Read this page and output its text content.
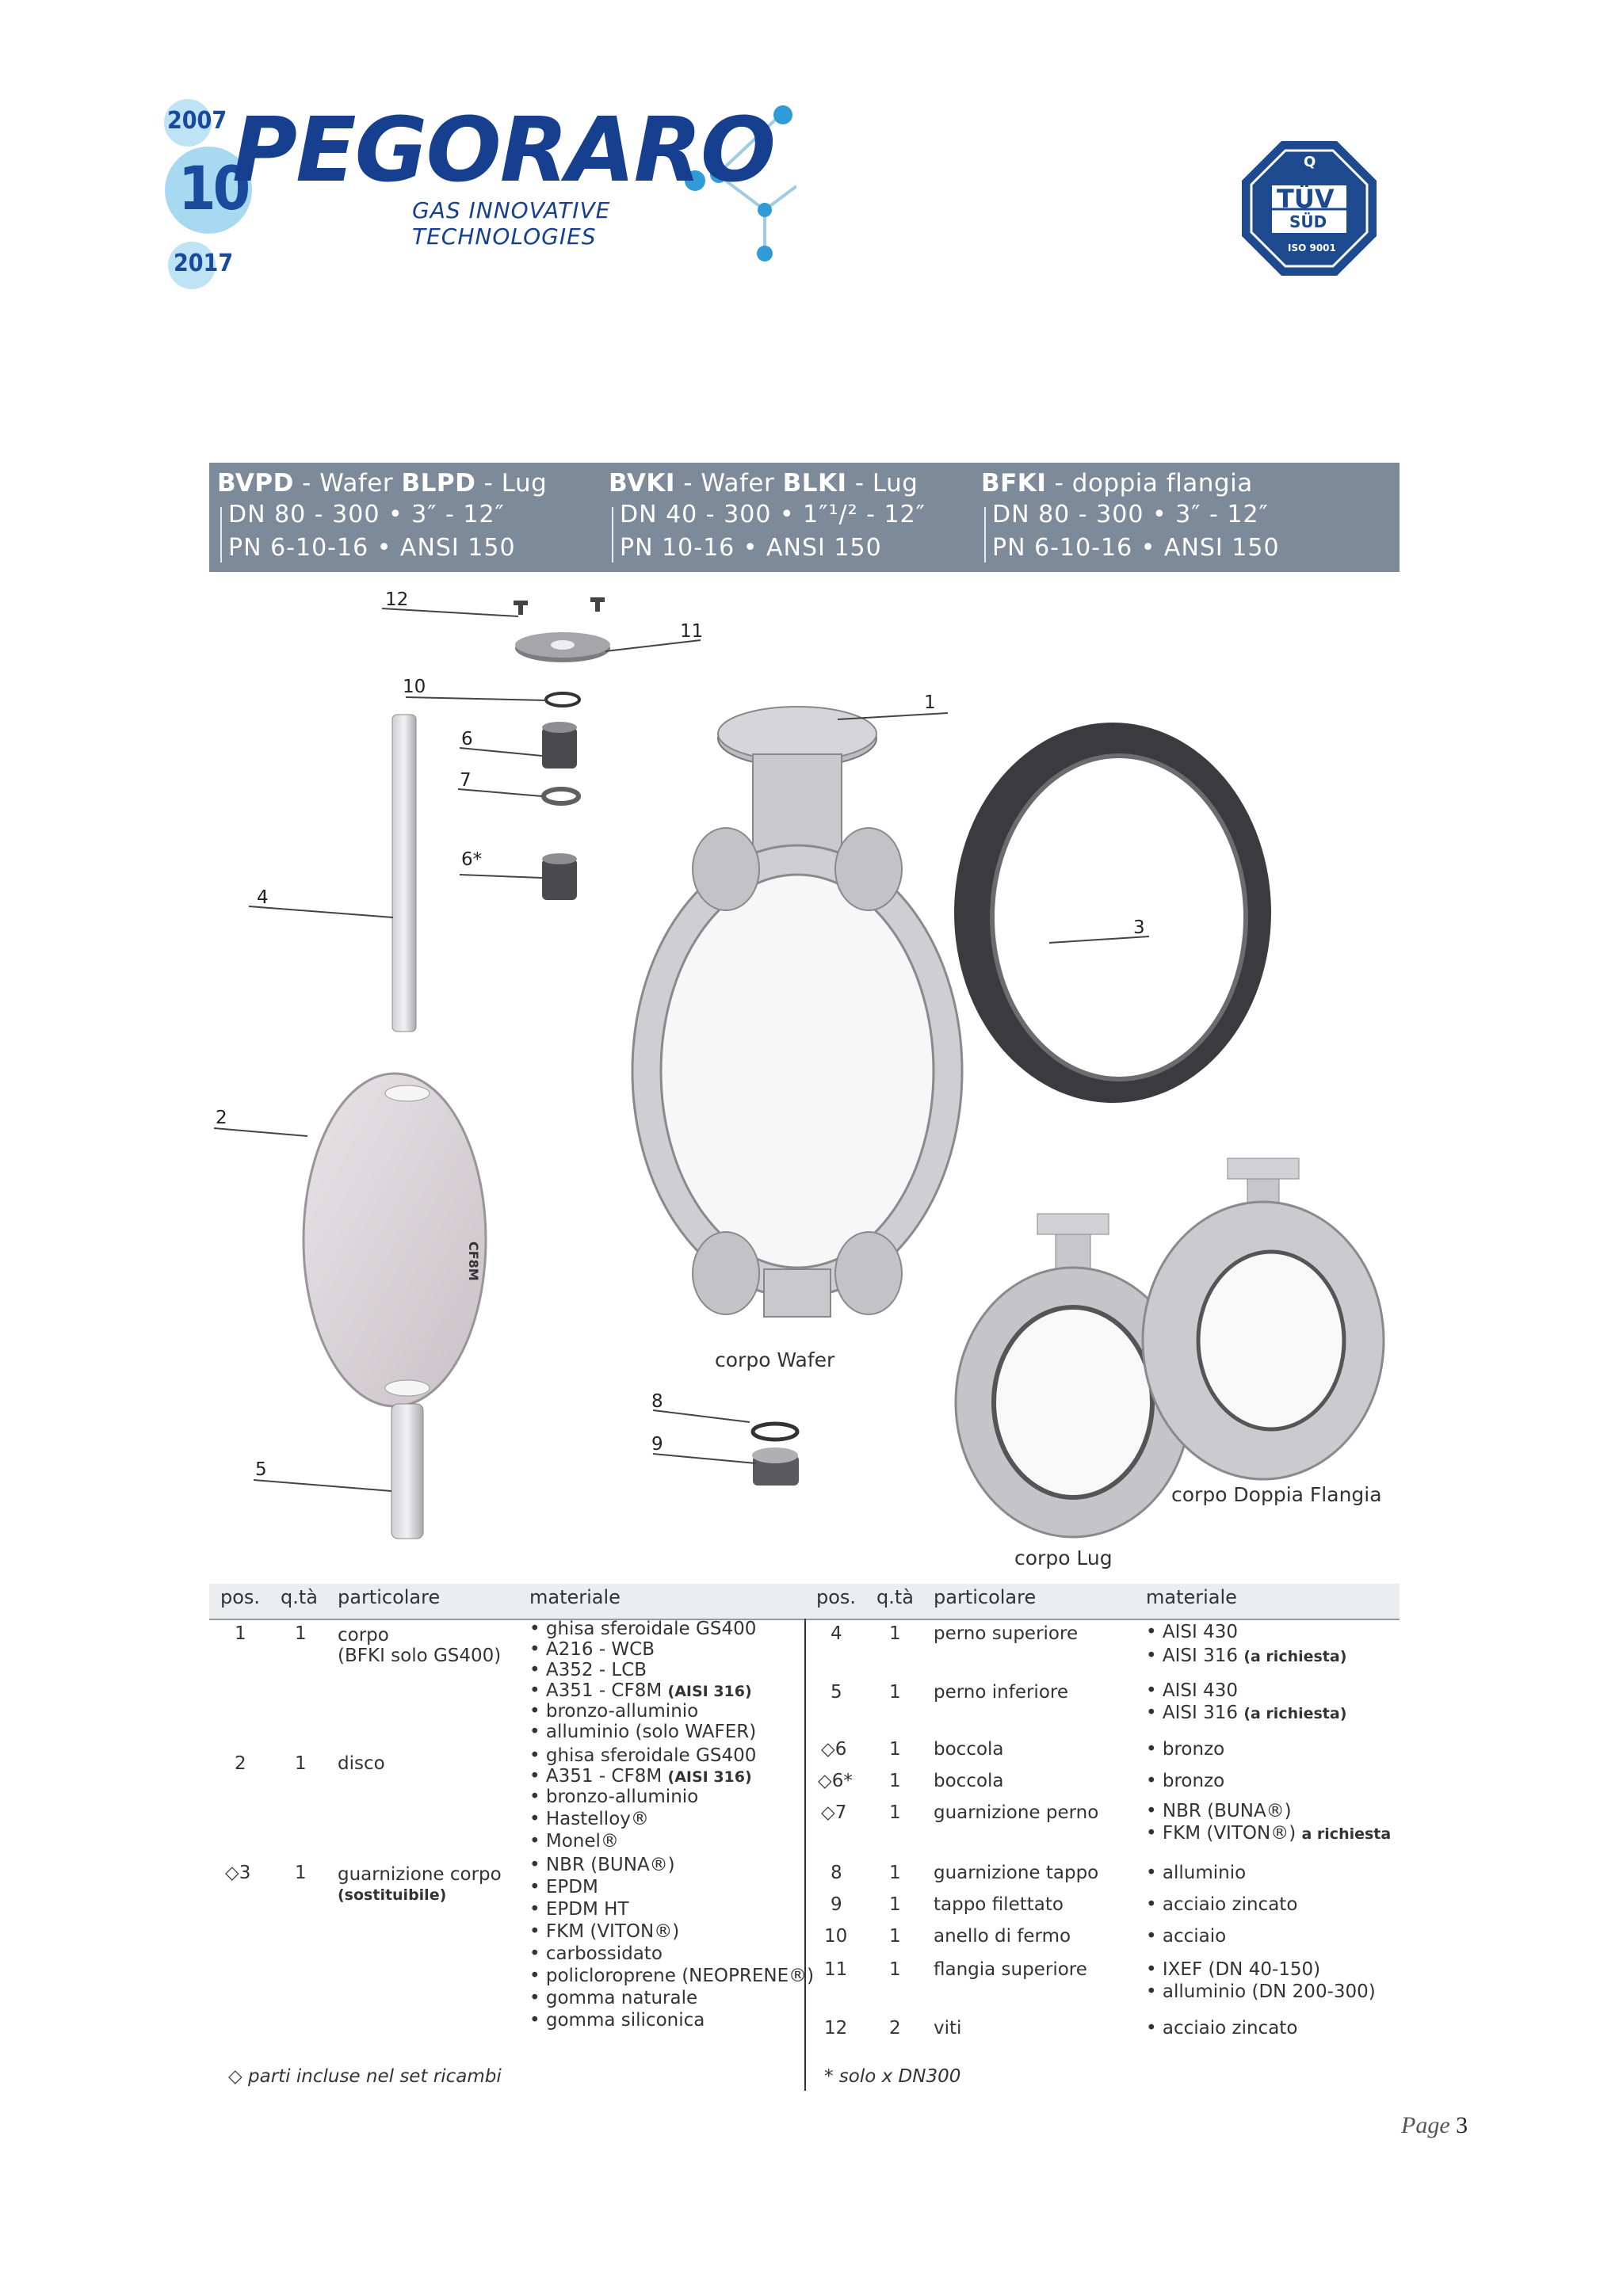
2007
10
2017
PEGORARO
GAS INNOVATIVE TECHNOLOGIES
Q
TÜV
SÜD
ISO 9001
BVPD - Wafer BLPD - Lug
DN 80 - 300 • 3″ - 12″
PN 6-10-16 • ANSI 150
BVKI - Wafer BLKI - Lug
DN 40 - 300 • 1″¹/² - 12″
PN 10-16 • ANSI 150
BFKI - doppia flangia
DN 80 - 300 • 3″ - 12″
PN 6-10-16 • ANSI 150
CF8M
12
11
10
1
6
7
6*
4
3
2
8
9
5
corpo Wafer
corpo Doppia Flangia
corpo Lug
pos. q.tà particolare	materiale	pos. q.tà particolare	materiale
1	1 corpo
(BFKI solo GS400)
• ghisa sferoidale GS400
• A216 - WCB
• A352 - LCB
• A351 - CF8M (AISI 316)
• bronzo-alluminio
• alluminio (solo WAFER)
2	1 disco	• ghisa sferoidale GS400
• A351 - CF8M (AISI 316)
• bronzo-alluminio
• Hastelloy®
• Monel®
◇3 1 guarnizione corpo
(sostituibile)
• NBR (BUNA®)
• EPDM
• EPDM HT
• FKM (VITON®)
• carbossidato
• policloroprene (NEOPRENE®)
• gomma naturale
• gomma siliconica
4	1 perno superiore	• AISI 430
• AISI 316 (a richiesta)
5	1 perno inferiore	• AISI 430
• AISI 316 (a richiesta)
◇6 1 boccola	• bronzo
◇6* 1 boccola	• bronzo
◇7 1 guarnizione perno	• NBR (BUNA®)
• FKM (VITON®) a richiesta
8	1 guarnizione tappo	• alluminio
9	1 tappo filettato	• acciaio zincato
10 1 anello di fermo	• acciaio
11 1 flangia superiore	• IXEF (DN 40-150)
• alluminio (DN 200-300)
12 2 viti	• acciaio zincato
◇ parti incluse nel set ricambi	* solo x DN300
Page 3
